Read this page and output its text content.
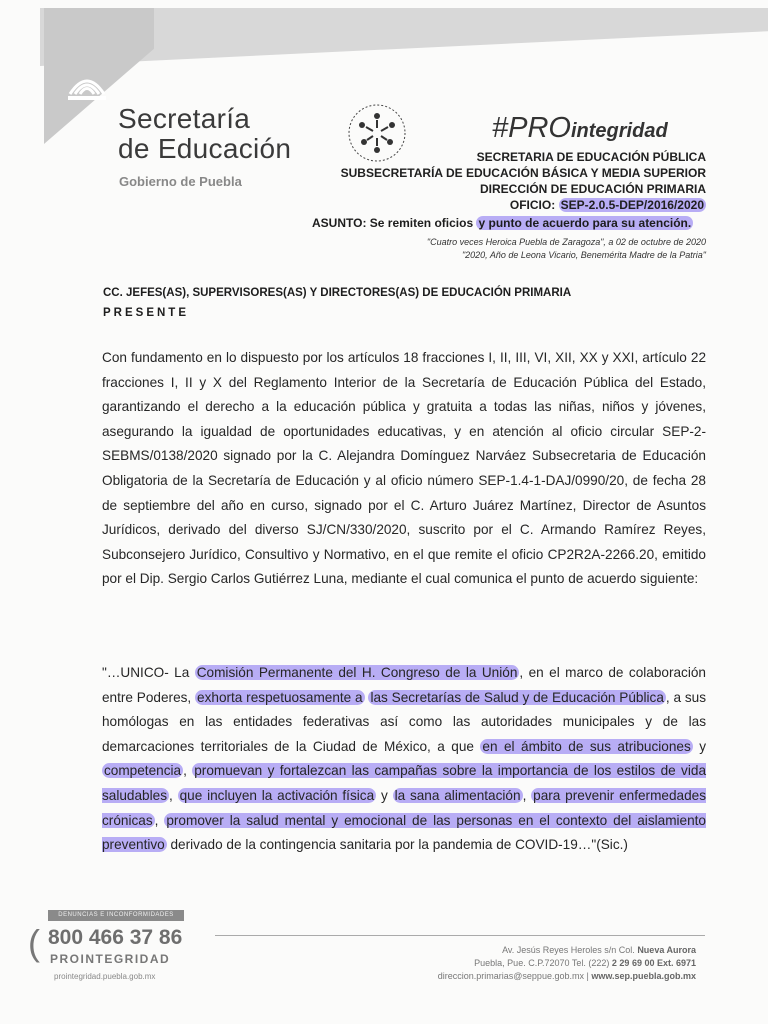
Secretaría
de Educación
Gobierno de Puebla
#PROintegridad
SECRETARIA DE EDUCACIÓN PÚBLICA
SUBSECRETARÍA DE EDUCACIÓN BÁSICA Y MEDIA SUPERIOR
DIRECCIÓN DE EDUCACIÓN PRIMARIA
OFICIO: SEP-2.0.5-DEP/2016/2020
ASUNTO: Se remiten oficios y punto de acuerdo para su atención.
"Cuatro veces Heroica Puebla de Zaragoza", a 02 de octubre de 2020
"2020, Año de Leona Vicario, Benemérita Madre de la Patria"
CC. JEFES(AS), SUPERVISORES(AS) Y DIRECTORES(AS) DE EDUCACIÓN PRIMARIA
PRESENTE
Con fundamento en lo dispuesto por los artículos 18 fracciones I, II, III, VI, XII, XX y XXI, artículo 22 fracciones I, II y X del Reglamento Interior de la Secretaría de Educación Pública del Estado, garantizando el derecho a la educación pública y gratuita a todas las niñas, niños y jóvenes, asegurando la igualdad de oportunidades educativas, y en atención al oficio circular SEP-2-SEBMS/0138/2020 signado por la C. Alejandra Domínguez Narváez Subsecretaria de Educación Obligatoria de la Secretaría de Educación y al oficio número SEP-1.4-1-DAJ/0990/20, de fecha 28 de septiembre del año en curso, signado por el C. Arturo Juárez Martínez, Director de Asuntos Jurídicos, derivado del diverso SJ/CN/330/2020, suscrito por el C. Armando Ramírez Reyes, Subconsejero Jurídico, Consultivo y Normativo, en el que remite el oficio CP2R2A-2266.20, emitido por el Dip. Sergio Carlos Gutiérrez Luna, mediante el cual comunica el punto de acuerdo siguiente:
"…UNICO- La Comisión Permanente del H. Congreso de la Unión , en el marco de colaboración entre Poderes, exhorta respetuosamente a las Secretarías de Salud y de Educación Pública , a sus homólogas en las entidades federativas así como las autoridades municipales y de las demarcaciones territoriales de la Ciudad de México, a que en el ámbito de sus atribuciones y competencia , promuevan y fortalezcan las campañas sobre la importancia de los estilos de vida saludables , que incluyen la activación física y la sana alimentación , para prevenir enfermedades crónicas , promover la salud mental y emocional de las personas en el contexto del aislamiento preventivo derivado de la contingencia sanitaria por la pandemia de COVID-19…"(Sic.)
DENUNCIAS E INCONFORMIDADES
( 800 466 37 86
PROINTEGRIDAD
prointegridad.puebla.gob.mx
Av. Jesús Reyes Heroles s/n Col. Nueva Aurora
Puebla, Pue. C.P.72070 Tel. (222) 2 29 69 00 Ext. 6971
direccion.primarias@seppue.gob.mx | www.sep.puebla.gob.mx
